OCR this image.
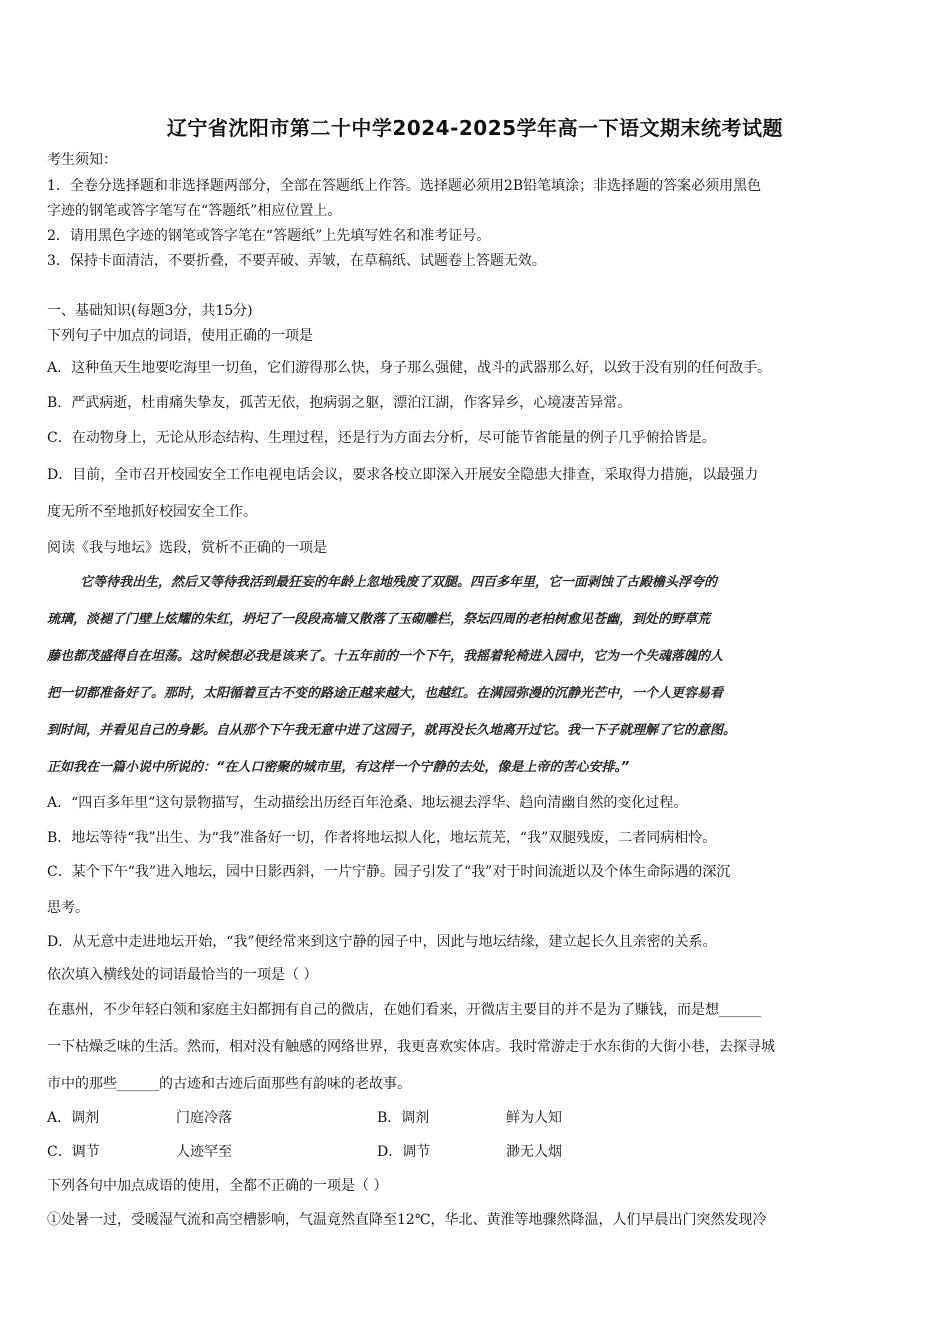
辽宁省沈阳市第二十中学2024-2025学年高一下语文期末统考试题
考生须知：
1．全卷分选择题和非选择题两部分，全部在答题纸上作答。选择题必须用2B铅笔填涂；非选择题的答案必须用黑色
字迹的钢笔或答字笔写在“答题纸”相应位置上。
2．请用黑色字迹的钢笔或答字笔在“答题纸”上先填写姓名和准考证号。
3．保持卡面清洁，不要折叠，不要弄破、弄皱，在草稿纸、试题卷上答题无效。
一、基础知识(每题3分，共15分)
下列句子中加点的词语，使用正确的一项是
A．这种鱼天生地要吃海里一切鱼，它们游得那么快，身子那么强健，战斗的武器那么好，以致于没有别的任何敌手。
B．严武病逝，杜甫痛失挚友，孤苦无依，抱病弱之躯，漂泊江湖，作客异乡，心境凄苦异常。
C．在动物身上，无论从形态结构、生理过程，还是行为方面去分析，尽可能节省能量的例子几乎俯拾皆是。
D．目前，全市召开校园安全工作电视电话会议，要求各校立即深入开展安全隐患大排查，采取得力措施，以最强力
度无所不至地抓好校园安全工作。
阅读《我与地坛》选段，赏析不正确的一项是
它等待我出生，然后又等待我活到最狂妄的年龄上忽地残废了双腿。四百多年里，它一面剥蚀了古殿檐头浮夸的
琉璃，淡褪了门壁上炫耀的朱红，坍圮了一段段高墙又散落了玉砌雕栏，祭坛四周的老柏树愈见苍幽，到处的野草荒
藤也都茂盛得自在坦荡。这时候想必我是该来了。十五年前的一个下午，我摇着轮椅进入园中，它为一个失魂落魄的人
把一切都准备好了。那时，太阳循着亘古不变的路途正越来越大，也越红。在满园弥漫的沉静光芒中，一个人更容易看
到时间，并看见自己的身影。自从那个下午我无意中进了这园子，就再没长久地离开过它。我一下子就理解了它的意图。
正如我在一篇小说中所说的：“在人口密聚的城市里，有这样一个宁静的去处，像是上帝的苦心安排。”
A．“四百多年里”这句景物描写，生动描绘出历经百年沧桑、地坛褪去浮华、趋向清幽自然的变化过程。
B．地坛等待“我”出生、为“我”准备好一切，作者将地坛拟人化，地坛荒芜，“我”双腿残废，二者同病相怜。
C．某个下午“我”进入地坛，园中日影西斜，一片宁静。园子引发了“我”对于时间流逝以及个体生命际遇的深沉
思考。
D．从无意中走进地坛开始，“我”便经常来到这宁静的园子中，因此与地坛结缘，建立起长久且亲密的关系。
依次填入横线处的词语最恰当的一项是（ ）
在惠州，不少年轻白领和家庭主妇都拥有自己的微店，在她们看来，开微店主要目的并不是为了赚钱，而是想______
一下枯燥乏味的生活。然而，相对没有触感的网络世界，我更喜欢实体店。我时常游走于水东街的大街小巷，去探寻城
市中的那些______的古迹和古迹后面那些有韵味的老故事。
A．调剂	门庭冷落	B．调剂	鲜为人知
C．调节	人迹罕至	D．调节	渺无人烟
下列各句中加点成语的使用，全都不正确的一项是（ ）
①处暑一过，受暖湿气流和高空槽影响，气温竟然直降至12℃，华北、黄淮等地骤然降温，人们早晨出门突然发现冷
